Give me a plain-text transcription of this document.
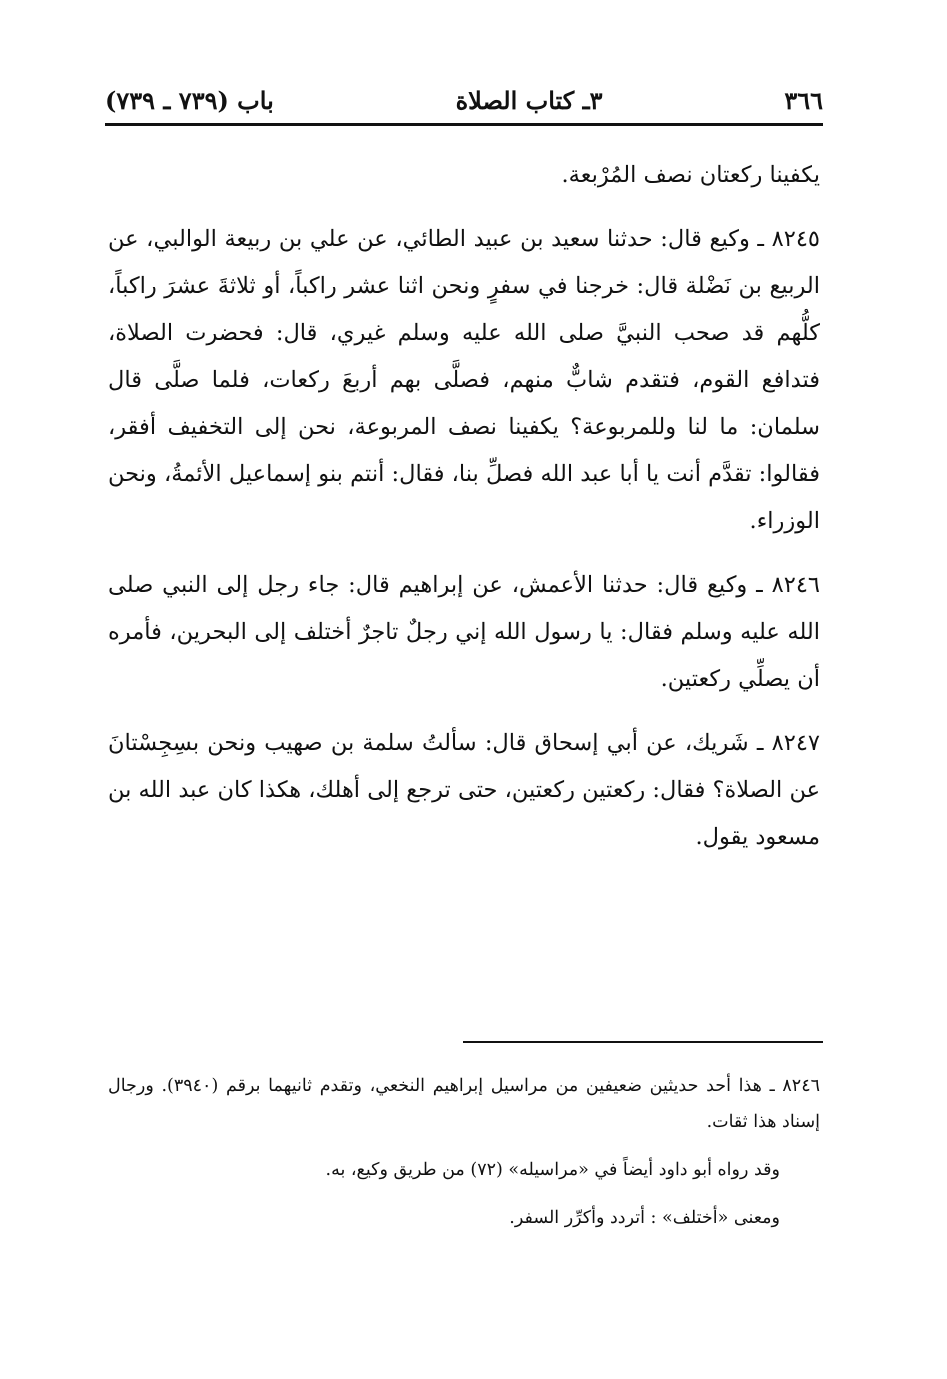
٣٦٦
٣ـ كتاب الصلاة
باب (٧٣٩ ـ ٧٣٩)

يكفينا ركعتان نصف المُرْبعة.

٨٢٤٥ ـ وكيع قال: حدثنا سعيد بن عبيد الطائي، عن علي بن ربيعة الوالبي، عن الربيع بن نَضْلة قال: خرجنا في سفرٍ ونحن اثنا عشر راكباً، أو ثلاثةَ عشرَ راكباً، كلُّهم قد صحب النبيَّ صلى الله عليه وسلم غيري، قال: فحضرت الصلاة، فتدافع القوم، فتقدم شابٌّ منهم، فصلَّى بهم أربعَ ركعات، فلما صلَّى قال سلمان: ما لنا وللمربوعة؟ يكفينا نصف المربوعة، نحن إلى التخفيف أفقر، فقالوا: تقدَّم أنت يا أبا عبد الله فصلِّ بنا، فقال: أنتم بنو إسماعيل الأئمةُ، ونحن الوزراء.

٨٢٤٦ ـ وكيع قال: حدثنا الأعمش، عن إبراهيم قال: جاء رجل إلى النبي صلى الله عليه وسلم فقال: يا رسول الله إني رجلٌ تاجرٌ أختلف إلى البحرين، فأمره أن يصلِّي ركعتين.

٨٢٤٧ ـ شَريك، عن أبي إسحاق قال: سألتُ سلمة بن صهيب ونحن بسِجِسْتانَ عن الصلاة؟ فقال: ركعتين ركعتين، حتى ترجع إلى أهلك، هكذا كان عبد الله بن مسعود يقول.

٨٢٤٦ ـ هذا أحد حديثين ضعيفين من مراسيل إبراهيم النخعي، وتقدم ثانيهما برقم (٣٩٤٠). ورجال إسناد هذا ثقات.

وقد رواه أبو داود أيضاً في «مراسيله» (٧٢) من طريق وكيع، به.

ومعنى «أختلف» : أتردد وأكرِّر السفر.
